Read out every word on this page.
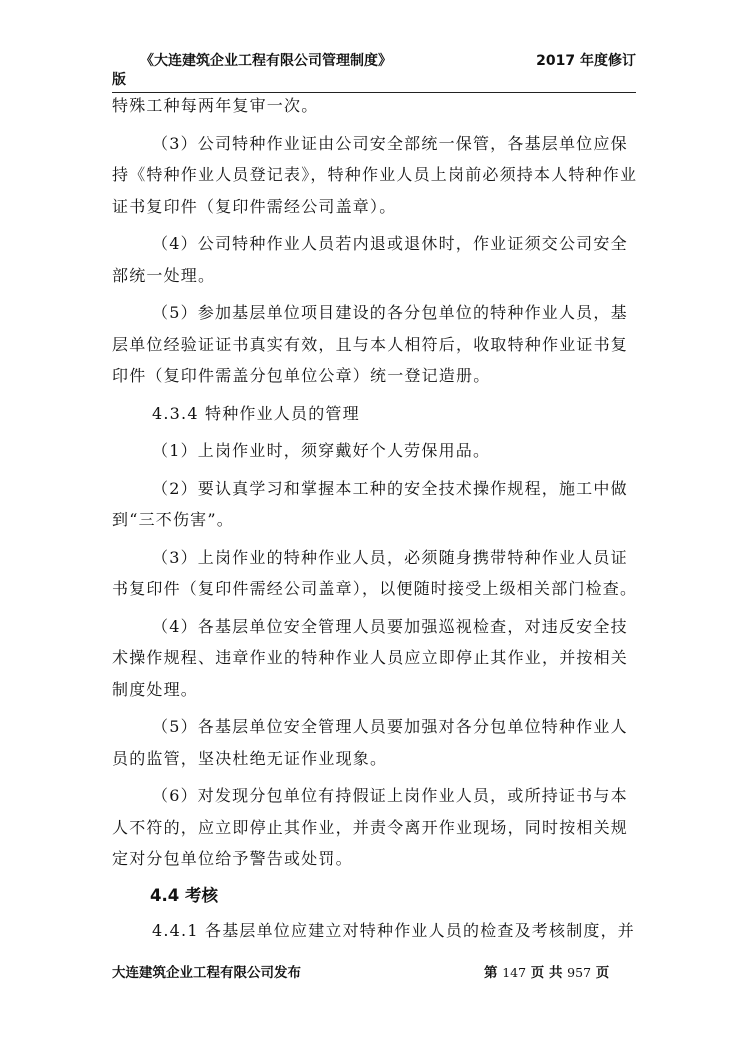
《大连建筑企业工程有限公司管理制度》	2017 年度修订
版

特殊工种每两年复审一次。

（3）公司特种作业证由公司安全部统一保管，各基层单位应保持《特种作业人员登记表》，特种作业人员上岗前必须持本人特种作业证书复印件（复印件需经公司盖章）。

（4）公司特种作业人员若内退或退休时，作业证须交公司安全部统一处理。

（5）参加基层单位项目建设的各分包单位的特种作业人员，基层单位经验证证书真实有效，且与本人相符后，收取特种作业证书复印件（复印件需盖分包单位公章）统一登记造册。

4.3.4 特种作业人员的管理

（1）上岗作业时，须穿戴好个人劳保用品。

（2）要认真学习和掌握本工种的安全技术操作规程，施工中做到“三不伤害”。

（3）上岗作业的特种作业人员，必须随身携带特种作业人员证书复印件（复印件需经公司盖章），以便随时接受上级相关部门检查。

（4）各基层单位安全管理人员要加强巡视检查，对违反安全技术操作规程、违章作业的特种作业人员应立即停止其作业，并按相关制度处理。

（5）各基层单位安全管理人员要加强对各分包单位特种作业人员的监管，坚决杜绝无证作业现象。

（6）对发现分包单位有持假证上岗作业人员，或所持证书与本人不符的，应立即停止其作业，并责令离开作业现场，同时按相关规定对分包单位给予警告或处罚。

4.4 考核

4.4.1 各基层单位应建立对特种作业人员的检查及考核制度，并

大连建筑企业工程有限公司发布	第 147 页 共 957 页
